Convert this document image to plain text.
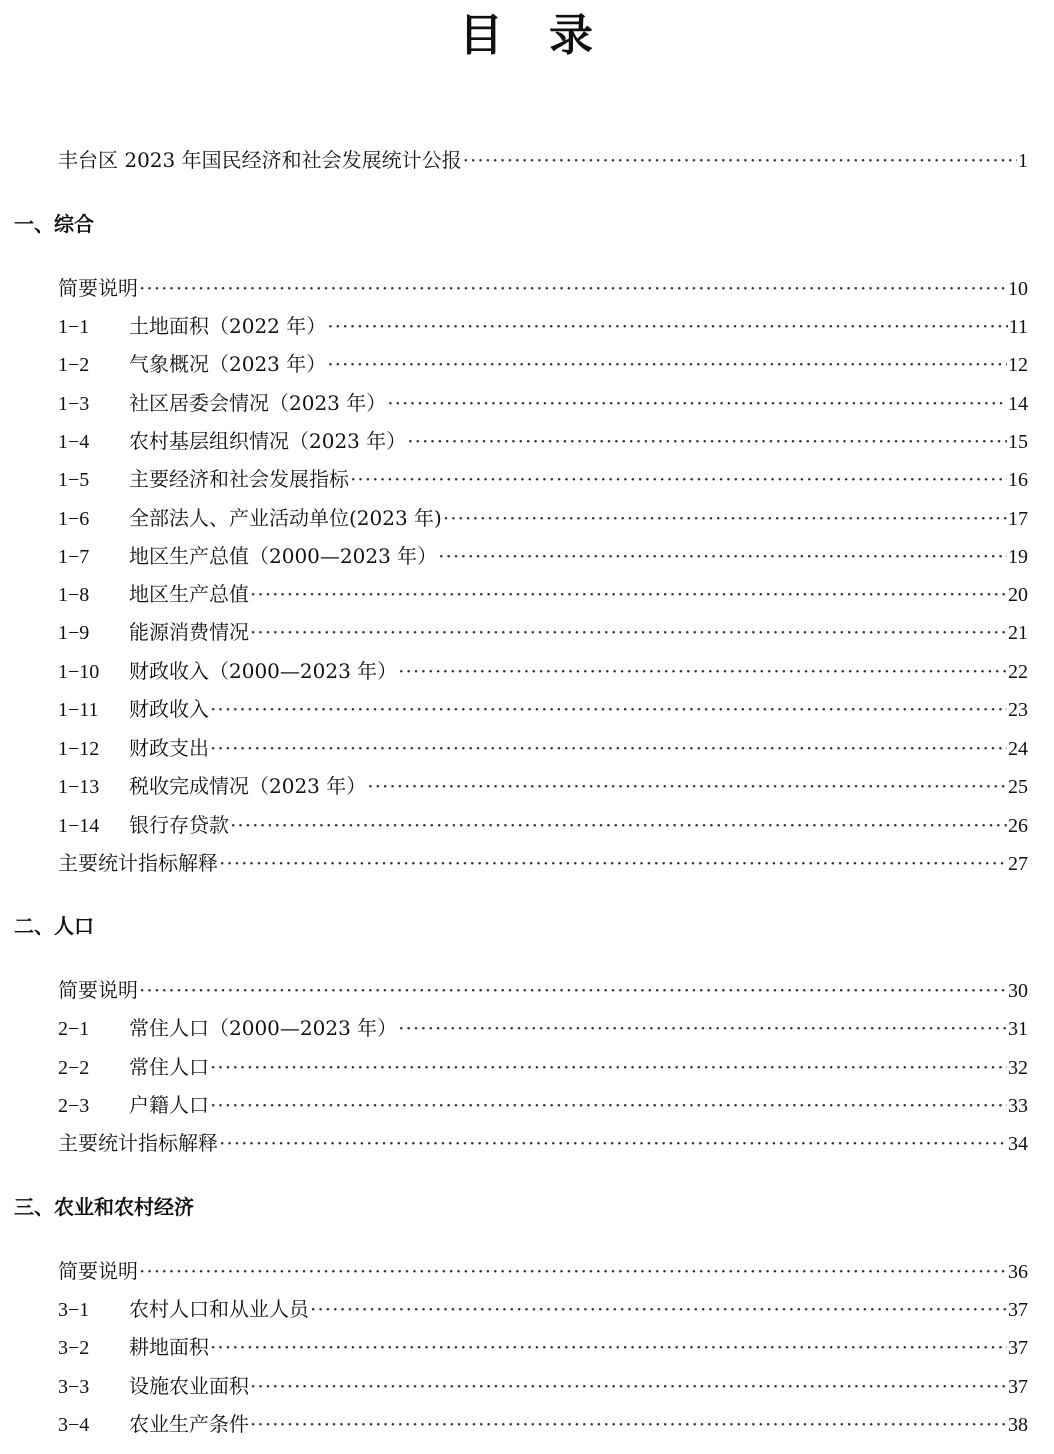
目 录
丰台区 2023 年国民经济和社会发展统计公报 ·····	1
一、综合
简要说明 ·····	10
1−1	土地面积（2022 年） ·····	11
1−2	气象概况（2023 年） ·····	12
1−3	社区居委会情况（2023 年） ·····	14
1−4	农村基层组织情况（2023 年） ·····	15
1−5	主要经济和社会发展指标 ·····	16
1−6	全部法人、产业活动单位(2023 年) ·····	17
1−7	地区生产总值（2000—2023 年） ·····	19
1−8	地区生产总值 ·····	20
1−9	能源消费情况 ·····	21
1−10	财政收入（2000—2023 年） ·····	22
1−11	财政收入 ·····	23
1−12	财政支出 ·····	24
1−13	税收完成情况（2023 年） ·····	25
1−14	银行存贷款 ·····	26
主要统计指标解释 ·····	27
二、人口
简要说明 ·····	30
2−1	常住人口（2000—2023 年） ·····	31
2−2	常住人口 ·····	32
2−3	户籍人口 ·····	33
主要统计指标解释 ·····	34
三、农业和农村经济
简要说明 ·····	36
3−1	农村人口和从业人员 ·····	37
3−2	耕地面积 ·····	37
3−3	设施农业面积 ·····	37
3−4	农业生产条件 ·····	38
